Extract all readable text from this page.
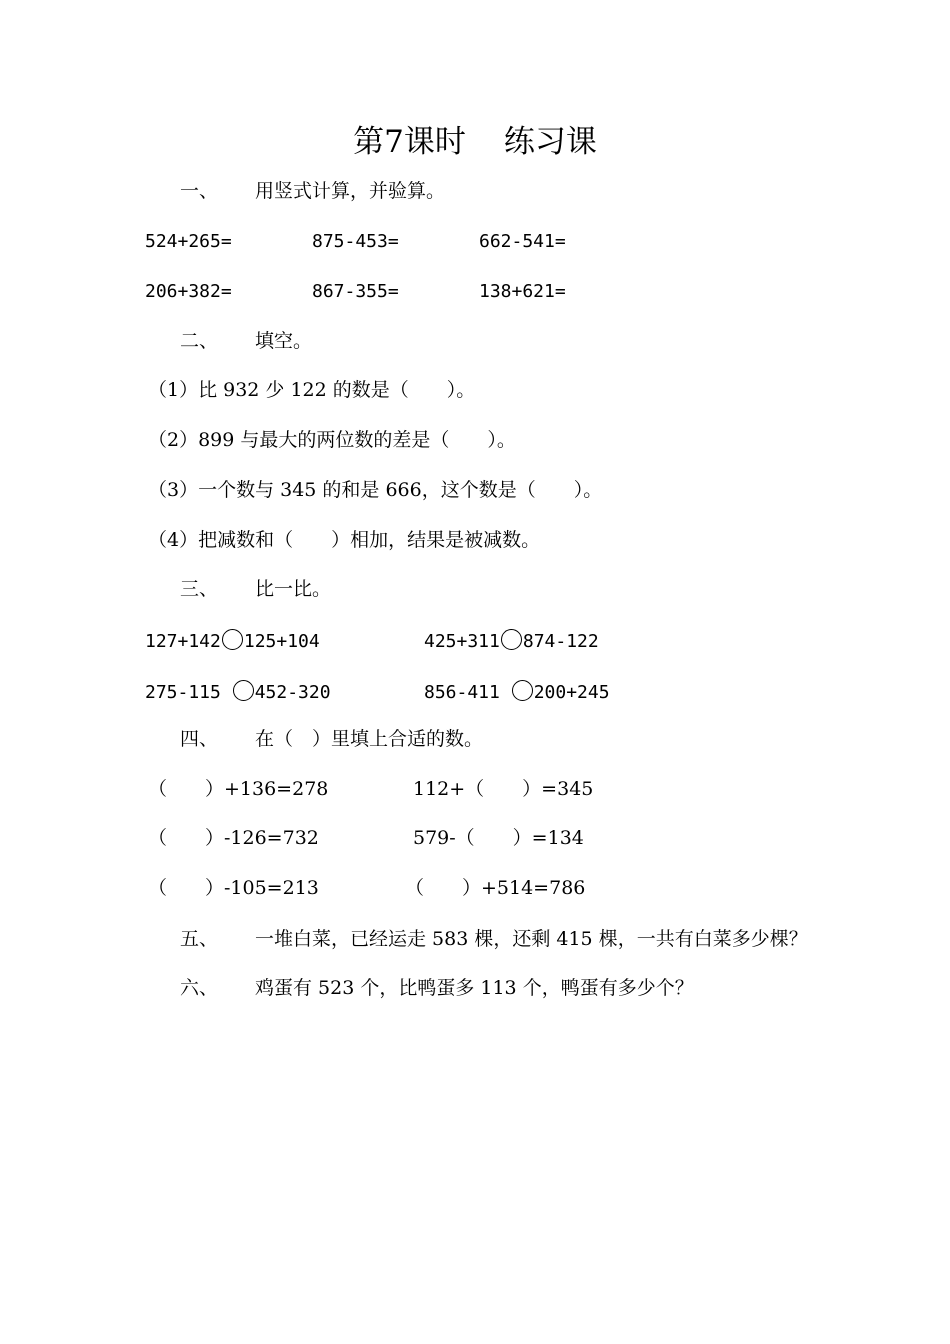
第7课时 练习课
一、 用竖式计算，并验算。
524+265=	875-453=	662-541=
206+382=	867-355=	138+621=
二、 填空。
（1）比 932 少 122 的数是（　　）。
（2）899 与最大的两位数的差是（　　）。
（3）一个数与 345 的和是 666，这个数是（　　）。
（4）把减数和（　　）相加，结果是被减数。
三、 比一比。
127+142 125+104	425+311 874-122
275-115 452-320	856-411 200+245
四、 在（　）里填上合适的数。
（　　）+136=278	112+（　　）=345
（　　）-126=732	579-（　　）=134
（　　）-105=213	（　　）+514=786
五、 一堆白菜，已经运走 583 棵，还剩 415 棵，一共有白菜多少棵？
六、 鸡蛋有 523 个，比鸭蛋多 113 个，鸭蛋有多少个？
